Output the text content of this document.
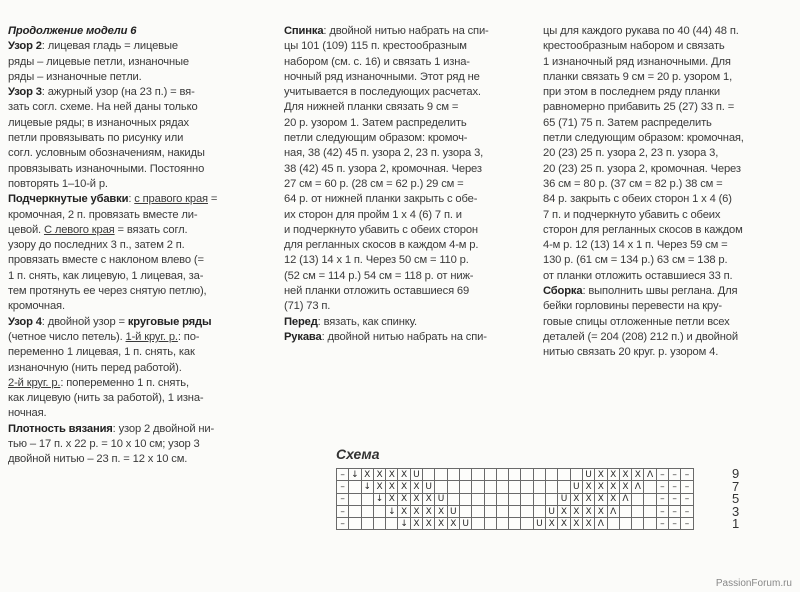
Продолжение модели 6
Узор 2: лицевая гладь = лицевые
ряды – лицевые петли, изнаночные
ряды – изнаночные петли.
Узор 3: ажурный узор (на 23 п.) = вя-
зать согл. схеме. На ней даны только
лицевые ряды; в изнаночных рядах
петли провязывать по рисунку или
согл. условным обозначениям, накиды
провязывать изнаночными. Постоянно
повторять 1–10-й р.
Подчеркнутые убавки: с правого края =
кромочная, 2 п. провязать вместе ли-
цевой. С левого края = вязать согл.
узору до последних 3 п., затем 2 п.
провязать вместе с наклоном влево (=
1 п. снять, как лицевую, 1 лицевая, за-
тем протянуть ее через снятую петлю),
кромочная.
Узор 4: двойной узор = круговые ряды
(четное число петель). 1-й круг. р.: по-
переменно 1 лицевая, 1 п. снять, как
изнаночную (нить перед работой).
2-й круг. р.: попеременно 1 п. снять,
как лицевую (нить за работой), 1 изна-
ночная.
Плотность вязания: узор 2 двойной ни-
тью – 17 п. х 22 р. = 10 х 10 см; узор 3
двойной нитью – 23 п. = 12 х 10 см.
Спинка: двойной нитью набрать на спи-
цы 101 (109) 115 п. крестообразным
набором (см. с. 16) и связать 1 изна-
ночный ряд изнаночными. Этот ряд не
учитывается в последующих расчетах.
Для нижней планки связать 9 см =
20 р. узором 1. Затем распределить
петли следующим образом: кромоч-
ная, 38 (42) 45 п. узора 2, 23 п. узора 3,
38 (42) 45 п. узора 2, кромочная. Через
27 см = 60 р. (28 см = 62 р.) 29 см =
64 р. от нижней планки закрыть с обе-
их сторон для пройм 1 х 4 (6) 7 п. и
и подчеркнуто убавить с обеих сторон
для регланных скосов в каждом 4-м р.
12 (13) 14 х 1 п. Через 50 см = 110 р.
(52 см = 114 р.) 54 см = 118 р. от ниж-
ней планки отложить оставшиеся 69
(71) 73 п.
Перед: вязать, как спинку.
Рукава: двойной нитью набрать на спи-
цы для каждого рукава по 40 (44) 48 п.
крестообразным набором и связать
1 изнаночный ряд изнаночными. Для
планки связать 9 см = 20 р. узором 1,
при этом в последнем ряду планки
равномерно прибавить 25 (27) 33 п. =
65 (71) 75 п. Затем распределить
петли следующим образом: кромочная,
20 (23) 25 п. узора 2, 23 п. узора 3,
20 (23) 25 п. узора 2, кромочная. Через
36 см = 80 р. (37 см = 82 р.) 38 см =
84 р. закрыть с обеих сторон 1 х 4 (6)
7 п. и подчеркнуто убавить с обеих
сторон для регланных скосов в каждом
4-м р. 12 (13) 14 х 1 п. Через 59 см =
130 р. (61 см = 134 р.) 63 см = 138 р.
от планки отложить оставшиеся 33 п.
Сборка: выполнить швы реглана. Для
бейки горловины перевести на кру-
говые спицы отложенные петли всех
деталей (= 204 (208) 212 п.) и двойной
нитью связать 20 круг. р. узором 4.
Схема
–	↓	X	X	X	X	U														U	X	X	X	X	ⴷ	–	–	–
–		↓	X	X	X	X	U												U	X	X	X	X	ⴷ		–	–	–
–			↓	X	X	X	X	U										U	X	X	X	X	ⴷ			–	–	–
–				↓	X	X	X	X	U								U	X	X	X	X	ⴷ				–	–	–
–					↓	X	X	X	X	U						U	X	X	X	X	ⴷ					–	–	–
9
7
5
3
1
PassionForum.ru
